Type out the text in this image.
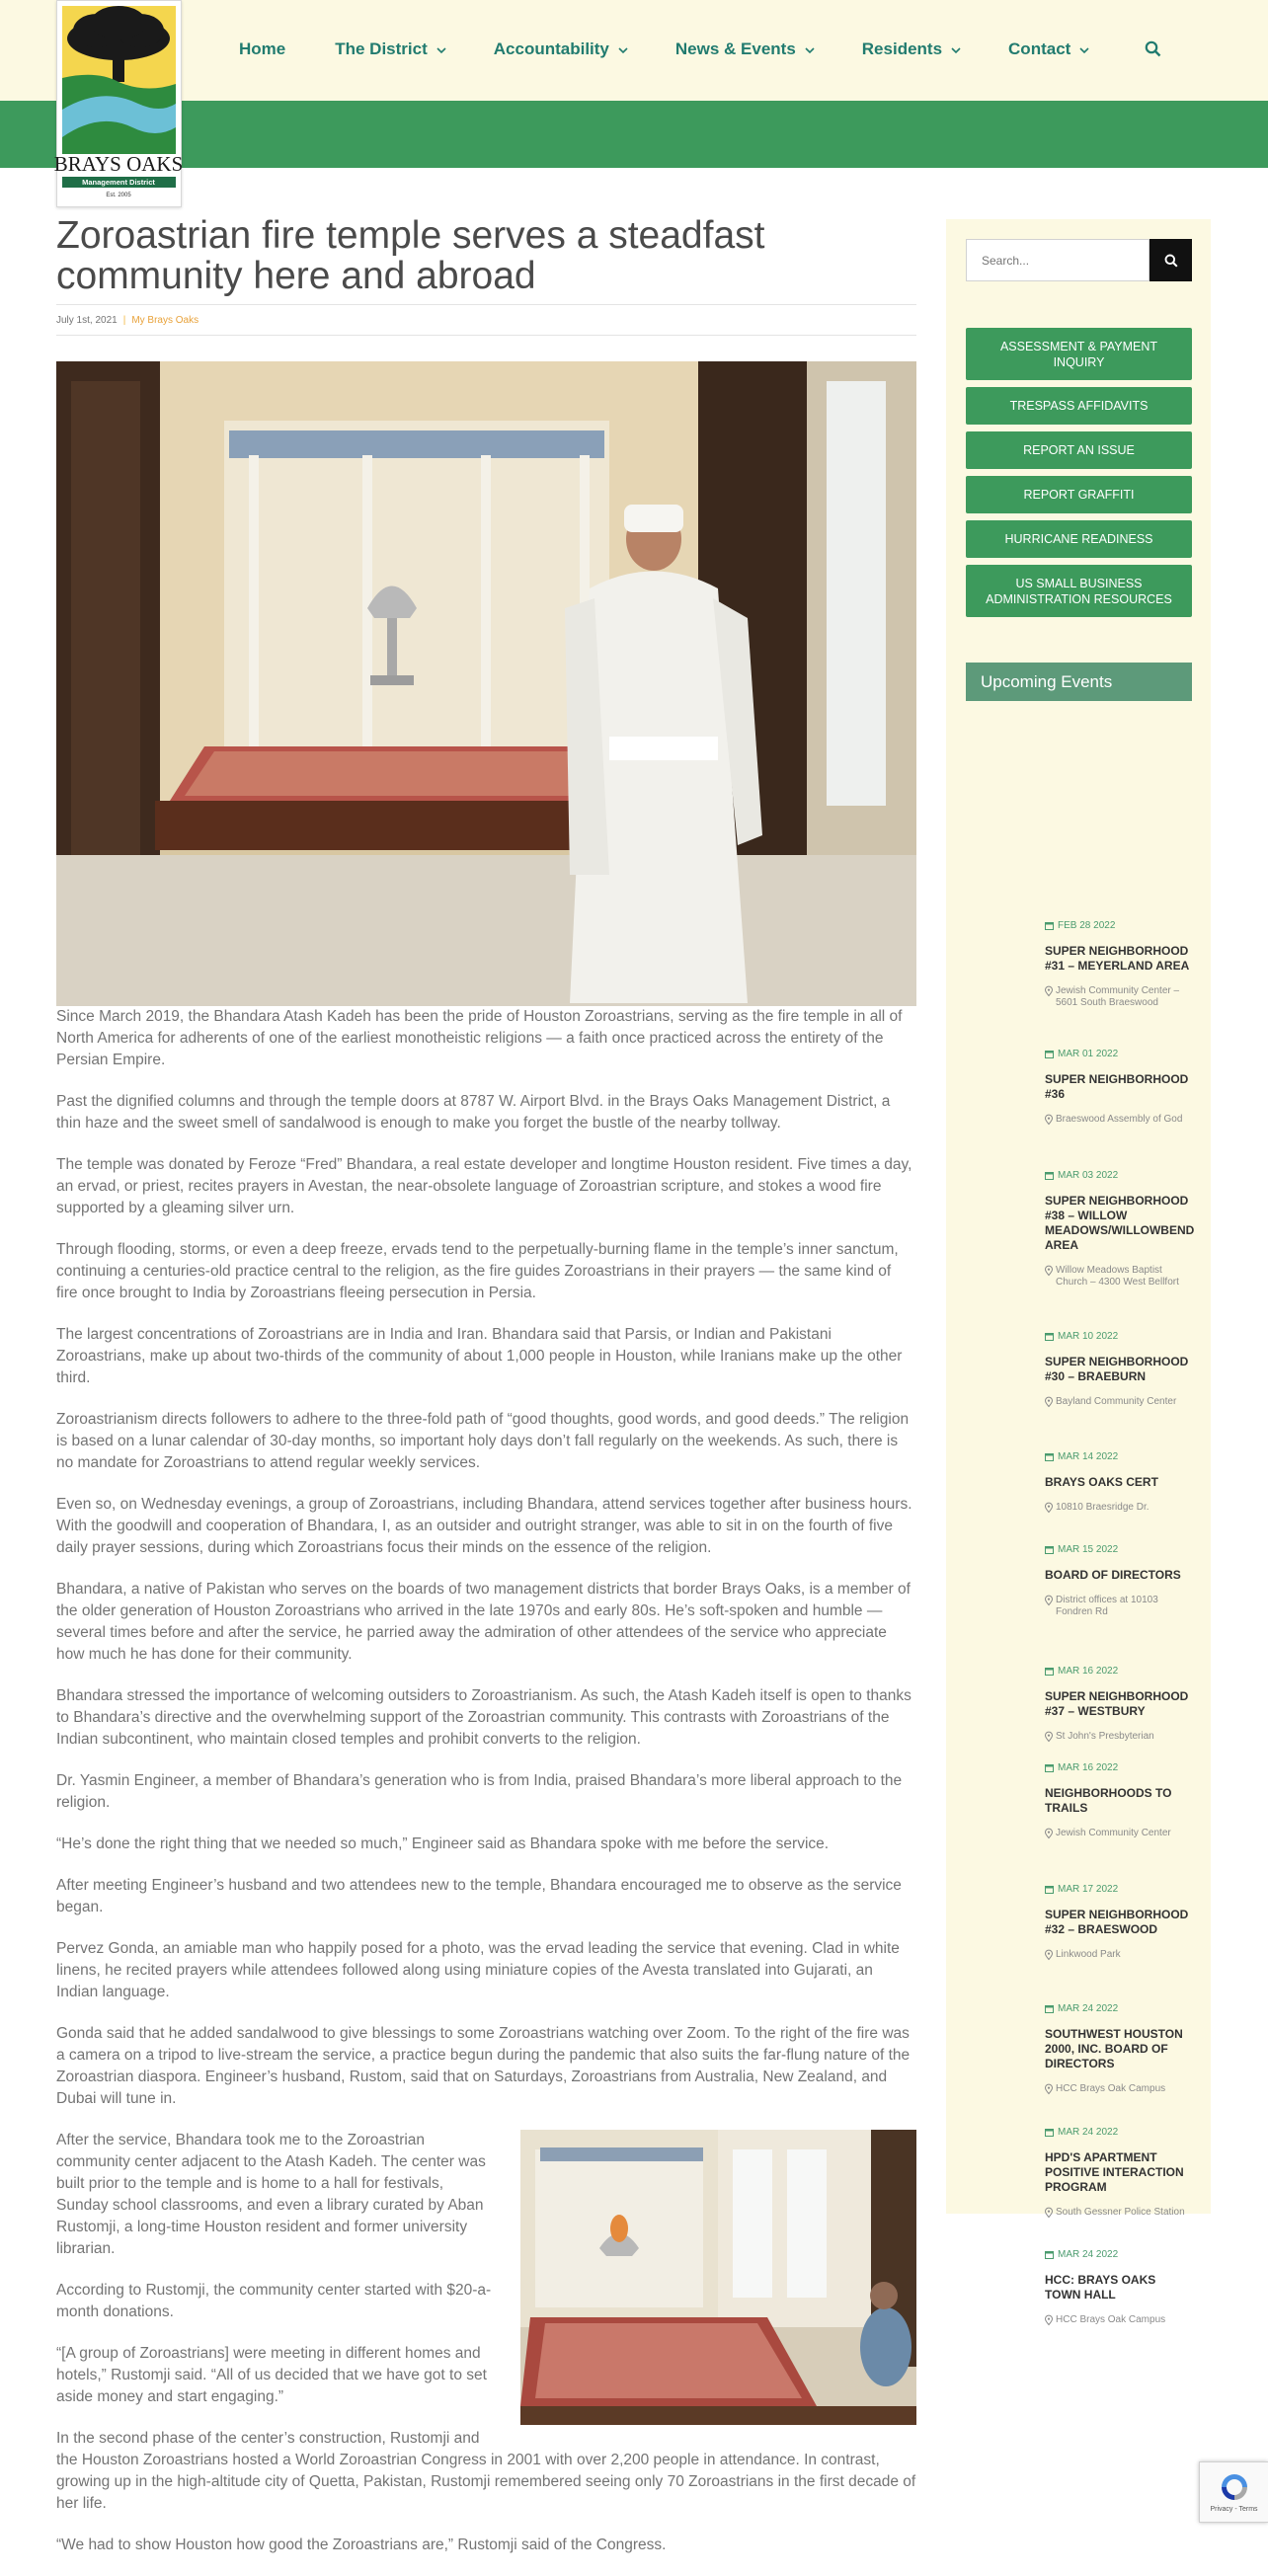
BRAYS OAKS
Management District
Est. 2005
Home	The District	Accountability	News & Events	Residents	Contact
Zoroastrian fire temple serves a steadfast
community here and abroad
July 1st, 2021 | My Brays Oaks

Since March 2019, the Bhandara Atash Kadeh has been the pride of Houston Zoroastrians, serving as the fire temple in all of North America for adherents of one of the earliest monotheistic religions — a faith once practiced across the entirety of the Persian Empire.

Past the dignified columns and through the temple doors at 8787 W. Airport Blvd. in the Brays Oaks Management District, a thin haze and the sweet smell of sandalwood is enough to make you forget the bustle of the nearby tollway.

The temple was donated by Feroze “Fred” Bhandara, a real estate developer and longtime Houston resident. Five times a day, an ervad, or priest, recites prayers in Avestan, the near-obsolete language of Zoroastrian scripture, and stokes a wood fire supported by a gleaming silver urn.

Through flooding, storms, or even a deep freeze, ervads tend to the perpetually-burning flame in the temple’s inner sanctum, continuing a centuries-old practice central to the religion, as the fire guides Zoroastrians in their prayers — the same kind of fire once brought to India by Zoroastrians fleeing persecution in Persia.

The largest concentrations of Zoroastrians are in India and Iran. Bhandara said that Parsis, or Indian and Pakistani Zoroastrians, make up about two-thirds of the community of about 1,000 people in Houston, while Iranians make up the other third.

Zoroastrianism directs followers to adhere to the three-fold path of “good thoughts, good words, and good deeds.” The religion is based on a lunar calendar of 30-day months, so important holy days don’t fall regularly on the weekends. As such, there is no mandate for Zoroastrians to attend regular weekly services.

Even so, on Wednesday evenings, a group of Zoroastrians, including Bhandara, attend services together after business hours. With the goodwill and cooperation of Bhandara, I, as an outsider and outright stranger, was able to sit in on the fourth of five daily prayer sessions, during which Zoroastrians focus their minds on the essence of the religion.

Bhandara, a native of Pakistan who serves on the boards of two management districts that border Brays Oaks, is a member of the older generation of Houston Zoroastrians who arrived in the late 1970s and early 80s. He’s soft-spoken and humble — several times before and after the service, he parried away the admiration of other attendees of the service who appreciate how much he has done for their community.

Bhandara stressed the importance of welcoming outsiders to Zoroastrianism. As such, the Atash Kadeh itself is open to thanks to Bhandara’s directive and the overwhelming support of the Zoroastrian community. This contrasts with Zoroastrians of the Indian subcontinent, who maintain closed temples and prohibit converts to the religion.

Dr. Yasmin Engineer, a member of Bhandara’s generation who is from India, praised Bhandara’s more liberal approach to the religion.

“He’s done the right thing that we needed so much,” Engineer said as Bhandara spoke with me before the service.

After meeting Engineer’s husband and two attendees new to the temple, Bhandara encouraged me to observe as the service began.

Pervez Gonda, an amiable man who happily posed for a photo, was the ervad leading the service that evening. Clad in white linens, he recited prayers while attendees followed along using miniature copies of the Avesta translated into Gujarati, an Indian language.

Gonda said that he added sandalwood to give blessings to some Zoroastrians watching over Zoom. To the right of the fire was a camera on a tripod to live-stream the service, a practice begun during the pandemic that also suits the far-flung nature of the Zoroastrian diaspora. Engineer’s husband, Rustom, said that on Saturdays, Zoroastrians from Australia, New Zealand, and Dubai will tune in.

After the service, Bhandara took me to the Zoroastrian community center adjacent to the Atash Kadeh. The center was built prior to the temple and is home to a hall for festivals, Sunday school classrooms, and even a library curated by Aban Rustomji, a long-time Houston resident and former university librarian.

According to Rustomji, the community center started with $20-a-month donations.

“[A group of Zoroastrians] were meeting in different homes and hotels,” Rustomji said. “All of us decided that we have got to set aside money and start engaging.”

In the second phase of the center’s construction, Rustomji and the Houston Zoroastrians hosted a World Zoroastrian Congress in 2001 with over 2,200 people in attendance. In contrast, growing up in the high-altitude city of Quetta, Pakistan, Rustomji remembered seeing only 70 Zoroastrians in the first decade of her life.

“We had to show Houston how good the Zoroastrians are,” Rustomji said of the Congress.

Search...
ASSESSMENT & PAYMENT INQUIRY
TRESPASS AFFIDAVITS
REPORT AN ISSUE
REPORT GRAFFITI
HURRICANE READINESS
US SMALL BUSINESS ADMINISTRATION RESOURCES
Upcoming Events
FEB 28 2022
SUPER NEIGHBORHOOD #31 – MEYERLAND AREA
Jewish Community Center – 5601 South Braeswood
MAR 01 2022
SUPER NEIGHBORHOOD #36
Braeswood Assembly of God
MAR 03 2022
SUPER NEIGHBORHOOD #38 – WILLOW MEADOWS/WILLOWBEND AREA
Willow Meadows Baptist Church – 4300 West Bellfort
MAR 10 2022
SUPER NEIGHBORHOOD #30 – BRAEBURN
Bayland Community Center
MAR 14 2022
BRAYS OAKS CERT
10810 Braesridge Dr.
MAR 15 2022
BOARD OF DIRECTORS
District offices at 10103 Fondren Rd
MAR 16 2022
SUPER NEIGHBORHOOD #37 – WESTBURY
St John's Presbyterian
MAR 16 2022
NEIGHBORHOODS TO TRAILS
Jewish Community Center
MAR 17 2022
SUPER NEIGHBORHOOD #32 – BRAESWOOD
Linkwood Park
MAR 24 2022
SOUTHWEST HOUSTON 2000, INC. BOARD OF DIRECTORS
HCC Brays Oak Campus
MAR 24 2022
HPD'S APARTMENT POSITIVE INTERACTION PROGRAM
South Gessner Police Station
MAR 24 2022
HCC: BRAYS OAKS TOWN HALL
HCC Brays Oak Campus
Privacy - Terms
